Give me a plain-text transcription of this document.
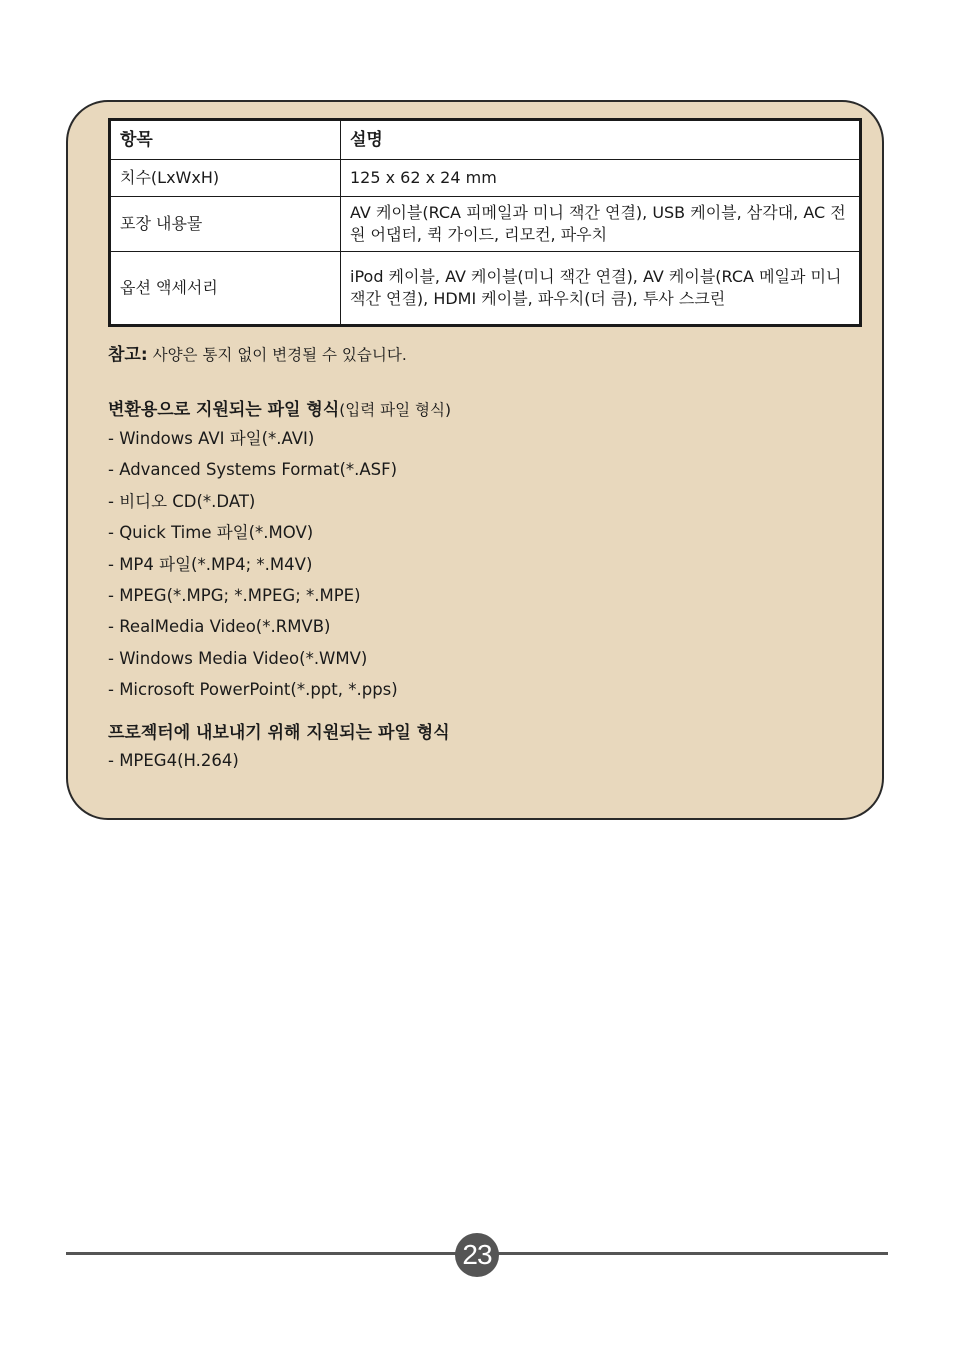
항목	설명
치수(LxWxH)	125 x 62 x 24 mm
포장 내용물	AV 케이블(RCA 피메일과 미니 잭간 연결), USB 케이블, 삼각대, AC 전원 어댑터, 퀵 가이드, 리모컨, 파우치
옵션 액세서리	iPod 케이블, AV 케이블(미니 잭간 연결), AV 케이블(RCA 메일과 미니 잭간 연결), HDMI 케이블, 파우치(더 큼), 투사 스크린
참고: 사양은 통지 없이 변경될 수 있습니다.
변환용으로 지원되는 파일 형식(입력 파일 형식)
- Windows AVI 파일(*.AVI)
- Advanced Systems Format(*.ASF)
- 비디오 CD(*.DAT)
- Quick Time 파일(*.MOV)
- MP4 파일(*.MP4; *.M4V)
- MPEG(*.MPG; *.MPEG; *.MPE)
- RealMedia Video(*.RMVB)
- Windows Media Video(*.WMV)
- Microsoft PowerPoint(*.ppt, *.pps)
프로젝터에 내보내기 위해 지원되는 파일 형식
- MPEG4(H.264)
23
